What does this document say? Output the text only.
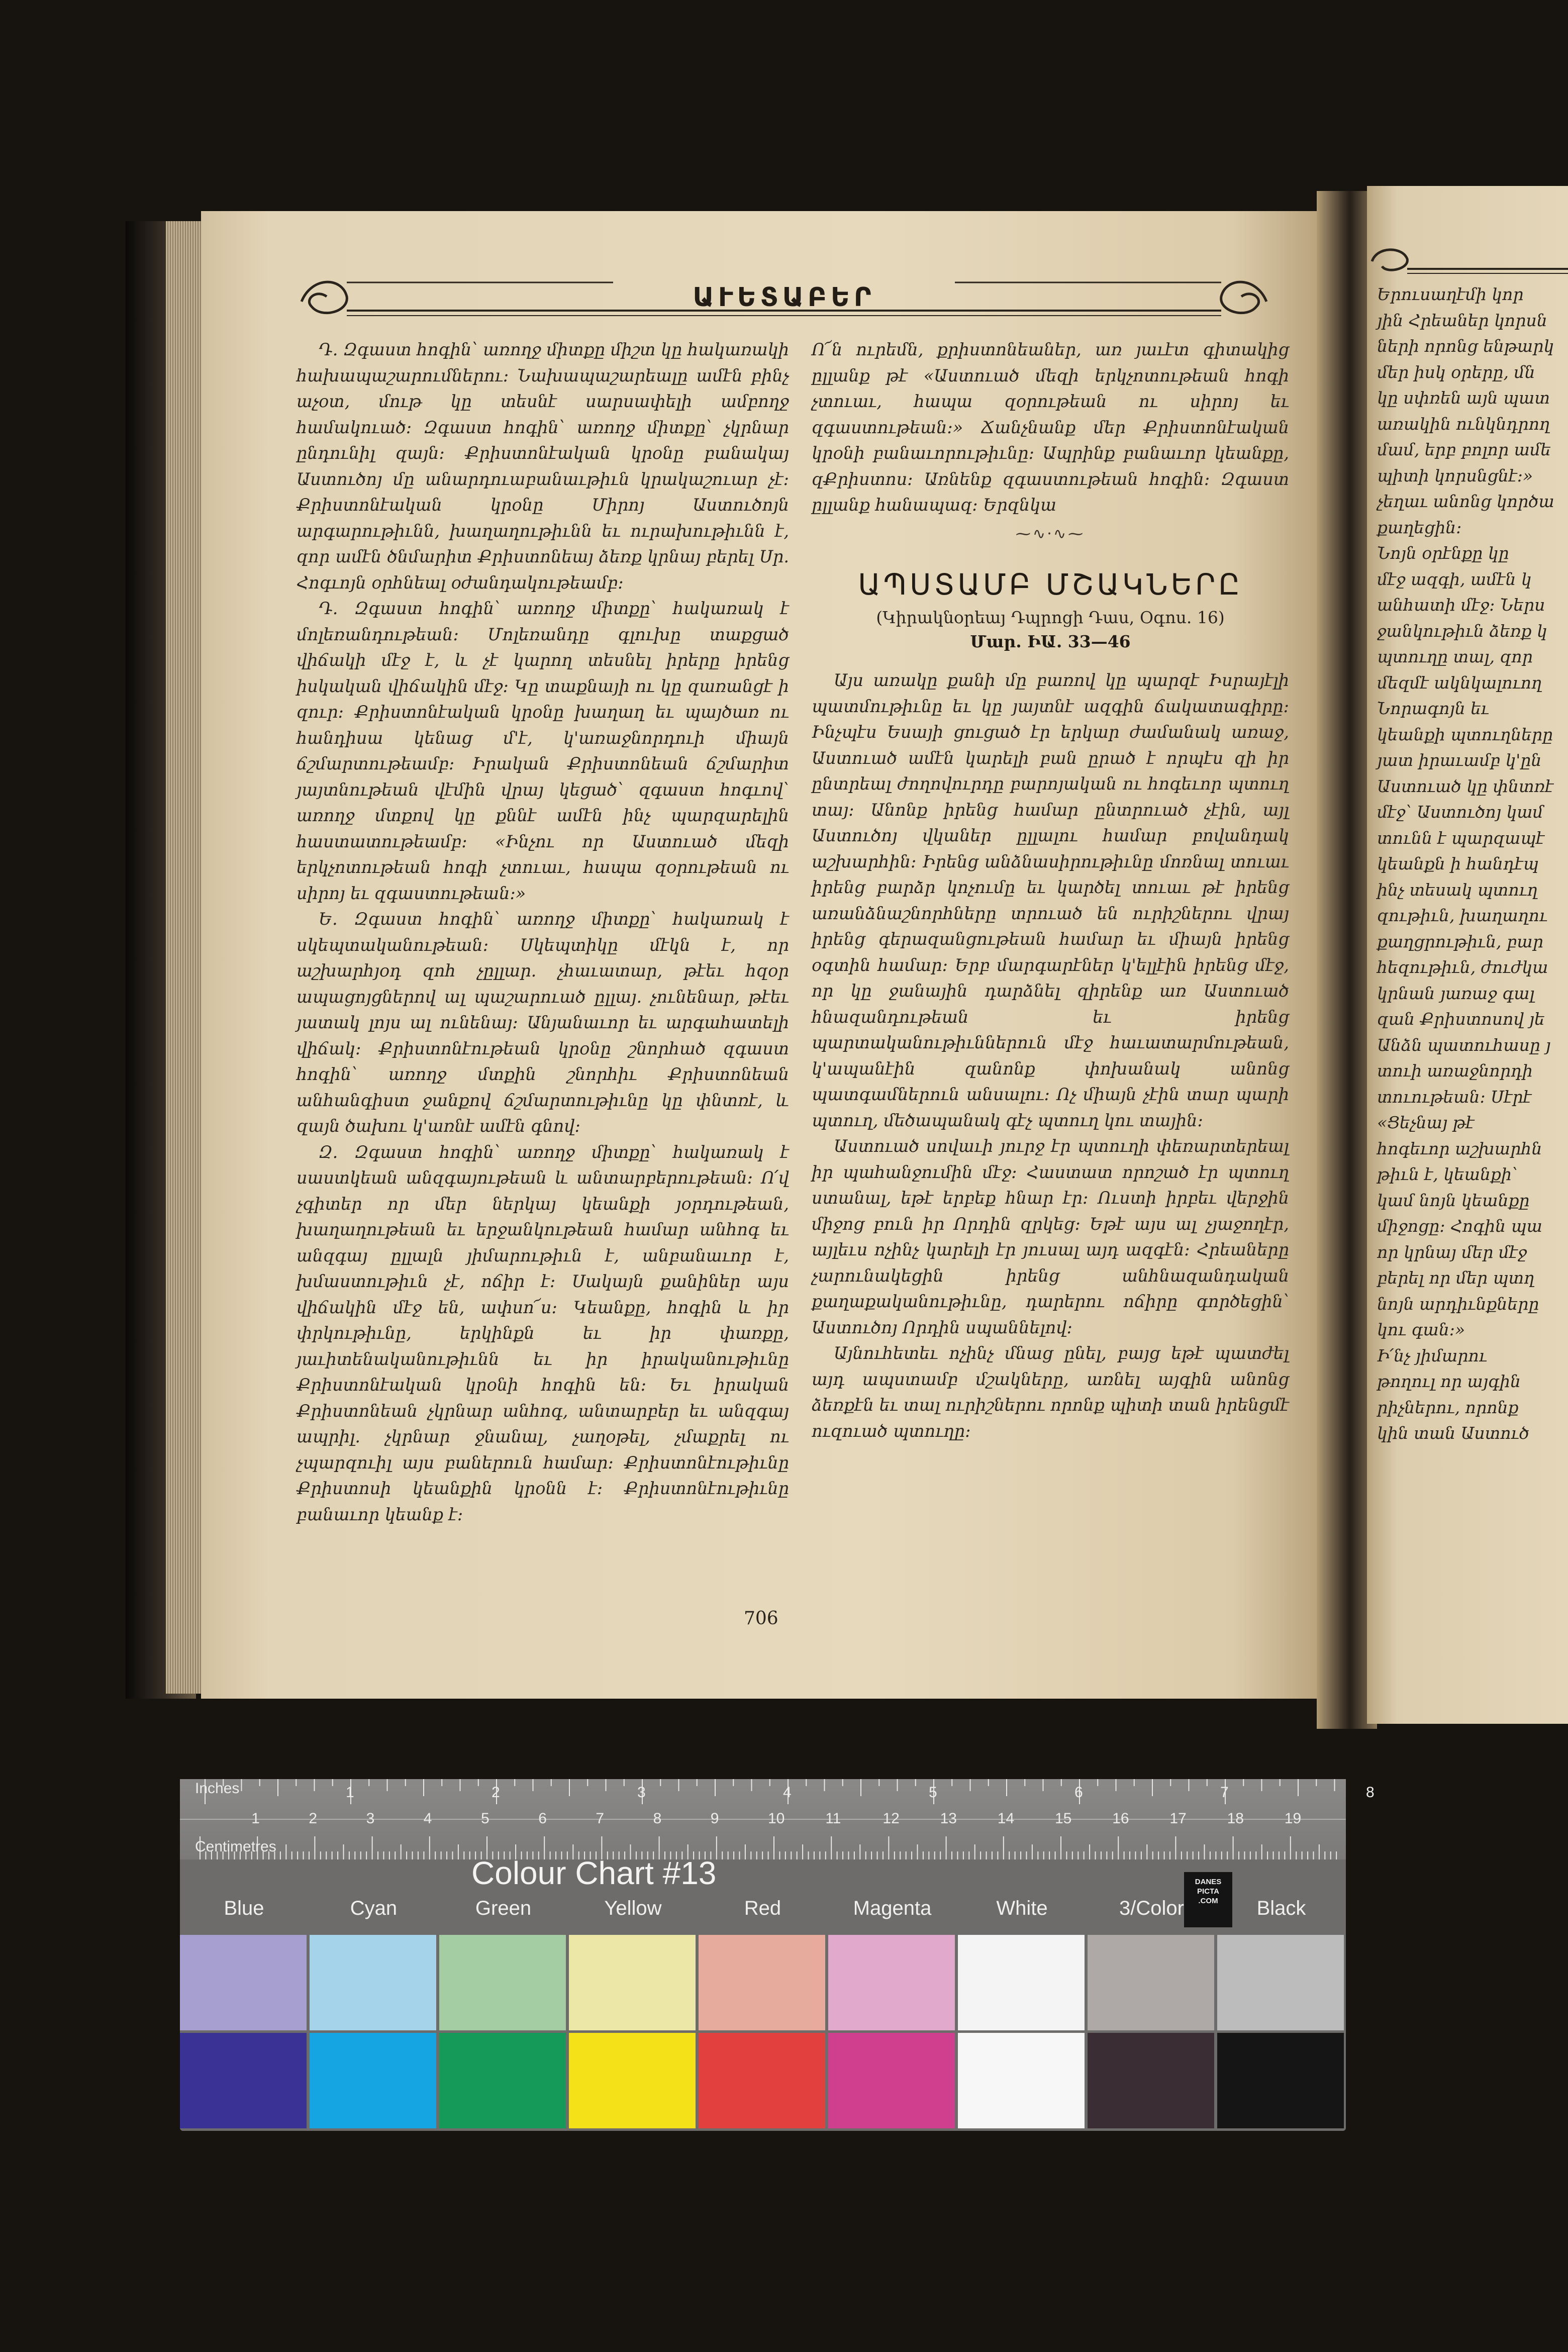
ԱՒԵՏԱԲԵՐ

Դ. Զգաստ հոգին՝ առողջ միտքը միշտ կը հակառակի հախապաշարումներու։ Նախապաշարեալը ամէն բինչ աչօտ, մութ կը տեսնէ սարսափելի ամբողջ համակուած։ Զգաստ հոգին՝ առողջ միտքը՝ չկրնար ընդունիլ զայն։ Քրիստոնէական կրօնը բանակայ Աստուծոյ մը անարդուաբանաւթիւն կրակաշուար չէ։ Քրիստոնէական կրօնը Միրոյ Աստուծոյն արգարութիւնն, խաղաղութիւնն եւ ուրախութիւնն է, զոր ամէն ծնմարիտ Քրիստոնեայ ձեռք կրնայ բերել Սր. Հոգւոյն օրհնեալ օժանդակութեամբ։

Դ. Զգաստ հոգին՝ առողջ միտքը՝ հակառակ է մոլեռանդութեան։ Մոլեռանդը գլուխը տաքցած վիճակի մէջ է, և չէ կարող տեսնել իրերը իրենց իսկական վիճակին մէջ։ Կը տաքնայի ու կը զառանցէ ի զուր։ Քրիստոնէական կրօնը խաղաղ եւ պայծառ ու հանդիսա կենաց մ'է, կ'առաջնորդուի միայն ճշմարտութեամբ։ Իրական Քրիստոնեան ճշմարիտ յայտնութեան վէմին վրայ կեցած՝ զգաստ հոգւով՝ առողջ մտքով կը քննէ ամէն ինչ պարզարելին հաստատութեամբ։ «Ինչու որ Աստուած մեզի երկչոտութեան հոգի չտուաւ, հապա զօրութեան ու սիրոյ եւ զգաստութեան։»

Ե. Զգաստ հոգին՝ առողջ միտքը՝ հակառակ է սկեպտականութեան։ Սկեպտիկը մէկն է, որ աշխարհյօդ զոհ չըլլար. չհաւատար, թէեւ հզօր ապացոյցներով ալ պաշարուած ըլլայ. չունենար, թէեւ յատակ լոյս ալ ունենայ։ Անյանաւոր եւ արգահատելի վիճակ։ Քրիստոնէութեան կրօնը շնորհած զգաստ հոգին՝ առողջ մտքին շնորհիւ Քրիստոնեան անհանգիստ ջանքով ճշմարտութիւնը կը փնտռէ, և զայն ծախու կ'առնէ ամէն գնով։

Զ. Զգաստ հոգին՝ առողջ միտքը՝ հակառակ է սաստկեան անզգայութեան և անտարբերութեան։ Ո՛վ չգիտեր որ մեր ներկայ կեանքի յօրդութեան, խաղաղութեան եւ երջանկութեան համար անհոգ եւ անզգայ ըլլալն յիմարութիւն է, անբանաւոր է, խմաստութիւն չէ, ոճիր է։ Սակայն քանիներ այս վիճակին մէջ են, ափսո՜ս։ Կեանքը, հոգին և իր փրկութիւնը, երկինքն եւ իր փառքը, յաւիտենականութիւնն եւ իր իրականութիւնը Քրիստոնէական կրօնի հոգին են։ Եւ իրական Քրիստոնեան չկրնար անհոգ, անտարբեր եւ անզգայ ապրիլ. չկրնար ջնանալ, չաղօթել, չմաքրել ու չպարզուիլ այս բաներուն համար։ Քրիստոնէութիւնը Քրիստոսի կեանքին կրօնն է։ Քրիստոնէութիւնը բանաւոր կեանք է։

Ո՜ն ուրեմն, քրիստոնեաներ, առ յաւէտ գիտակից ըլլանք թէ «Աստուած մեզի երկչոտութեան հոգի չտուաւ, հապա զօրութեան ու սիրոյ եւ զգաստութեան։» Ճանչնանք մեր Քրիստոնէական կրօնի բանաւորութիւնը։ Ապրինք բանաւոր կեանքը, զՔրիստոս։ Առնենք զգաստութեան հոգին։ Զգաստ ըլլանք հանապազ։ Երզնկա

⁓∿⸱∿⁓
ԱՊՍՏԱՄԲ ՄՇԱԿՆԵՐԸ
(Կիրակնօրեայ Դպրոցի Դաս, Օգոս. 16)
Մար. ԻԱ. 33—46

Այս առակը քանի մը բառով կը պարզէ Իսրայէլի պատմութիւնը եւ կը յայտնէ ազգին ճակատագիրը։ Ինչպէս Եսայի ցուցած էր երկար ժամանակ առաջ, Աստուած ամէն կարելի բան ըրած է որպէս զի իր ընտրեալ ժողովուրդը բարոյական ու հոգեւոր պտուղ տայ։ Անոնք իրենց համար ընտրուած չէին, այլ Աստուծոյ վկաներ ըլլալու համար բովանդակ աշխարհին։ Իրենց անձնասիրութիւնը մոռնալ տուաւ իրենց բարձր կոչումը եւ կարծել տուաւ թէ իրենց առանձնաշնորհները տրուած են ուրիշներու վրայ իրենց գերազանցութեան համար եւ միայն իրենց օգտին համար։ Երբ մարգարէներ կ'ելլէին իրենց մէջ, որ կը ջանային դարձնել զիրենք առ Աստուած հնազանդութեան եւ իրենց պարտականութիւններուն մէջ հաւատարմութեան, կ'ապանէին զանոնք փոխանակ անոնց պատգամներուն անսալու։ Ոչ միայն չէին տար պարի պտուղ, մեծապանակ գէչ պտուղ կու տային։

Աստուած սովաւի յուրջ էր պտուղի փեռարտերեալ իր պահանջումին մէջ։ Հաստատ որոշած էր պտուղ ստանալ, եթէ երբեք հնար էր։ Ուստի իրբեւ վերջին միջոց բուն իր Որդին զրկեց։ Եթէ այս ալ չյաջողէր, այլեւս ոչինչ կարելի էր յուսալ այդ ազգէն։ Հրեաները չարունակեցին իրենց անհնազանդական քաղաքականութիւնը, դարերու ոճիրը գործեցին՝ Աստուծոյ Որդին սպաննելով։

Այնուհետեւ ոչինչ մնաց ընել, բայց եթէ պատժել այդ ապստամբ մշակները, առնել այգին անոնց ձեռքէն եւ տալ ուրիշներու որոնք պիտի տան իրենցմէ ուզուած պտուղը։

706
Երուսաղէմի կոր
յին Հրեաներ կորսն
ների որոնց ենթարկ
մեր իսկ օրերը, մն
կը սփռեն այն պատ
առակին ունկնդրող
մամ, երբ բոլոր ամե
պիտի կորսնցնէ։»
չեղաւ անոնց կործա
քաղեցին։
Նոյն օրէնքը կը
մէջ ազգի, ամէն կ
անհատի մէջ։ Ներս
ջանկութիւն ձեռք կ
պտուղը տալ, զոր
մեզմէ ակնկալուող
Նորագոյն եւ
կեանքի պտուղները
յատ իրաւամբ կ'ըն
Աստուած կը փնտռէ
մէջ՝ Աստուծոյ կամ
տունն է պարզապէ
կեանքն ի հանդէպ
ինչ տեսակ պտուղ
զութիւն, խաղաղու
քաղցրութիւն, բար
հեզութիւն, ժուժկա
կրնան յառաջ գալ
զան Քրիստոսով յե
Անձն պատուհասը յ
տուի առաջնորդի
տուութեան։ Սէրէ
«Ցեչնայ թէ
հոգեւոր աշխարհն
թիւն է, կեանքի՝
կամ նոյն կեանքը
միջոցը։ Հոգին պա
որ կրնայ մեր մէջ
բերել որ մեր պտղ
նոյն արդիւնքները
կու գան։»
Ի՛նչ յիմարու
թողուլ որ այգին
րիչներու, որոնք
կին տան Աստուծ
Inches
Centimetres
1	2	3	4	5	6	7	8
1	2	3	4	5	6	7	8	9	10	11	12	13	14	15	16	17	18	19
Colour Chart #13	DANES
PICTA
.COM
Blue	Cyan	Green	Yellow	Red	Magenta	White	3/Color	Black
